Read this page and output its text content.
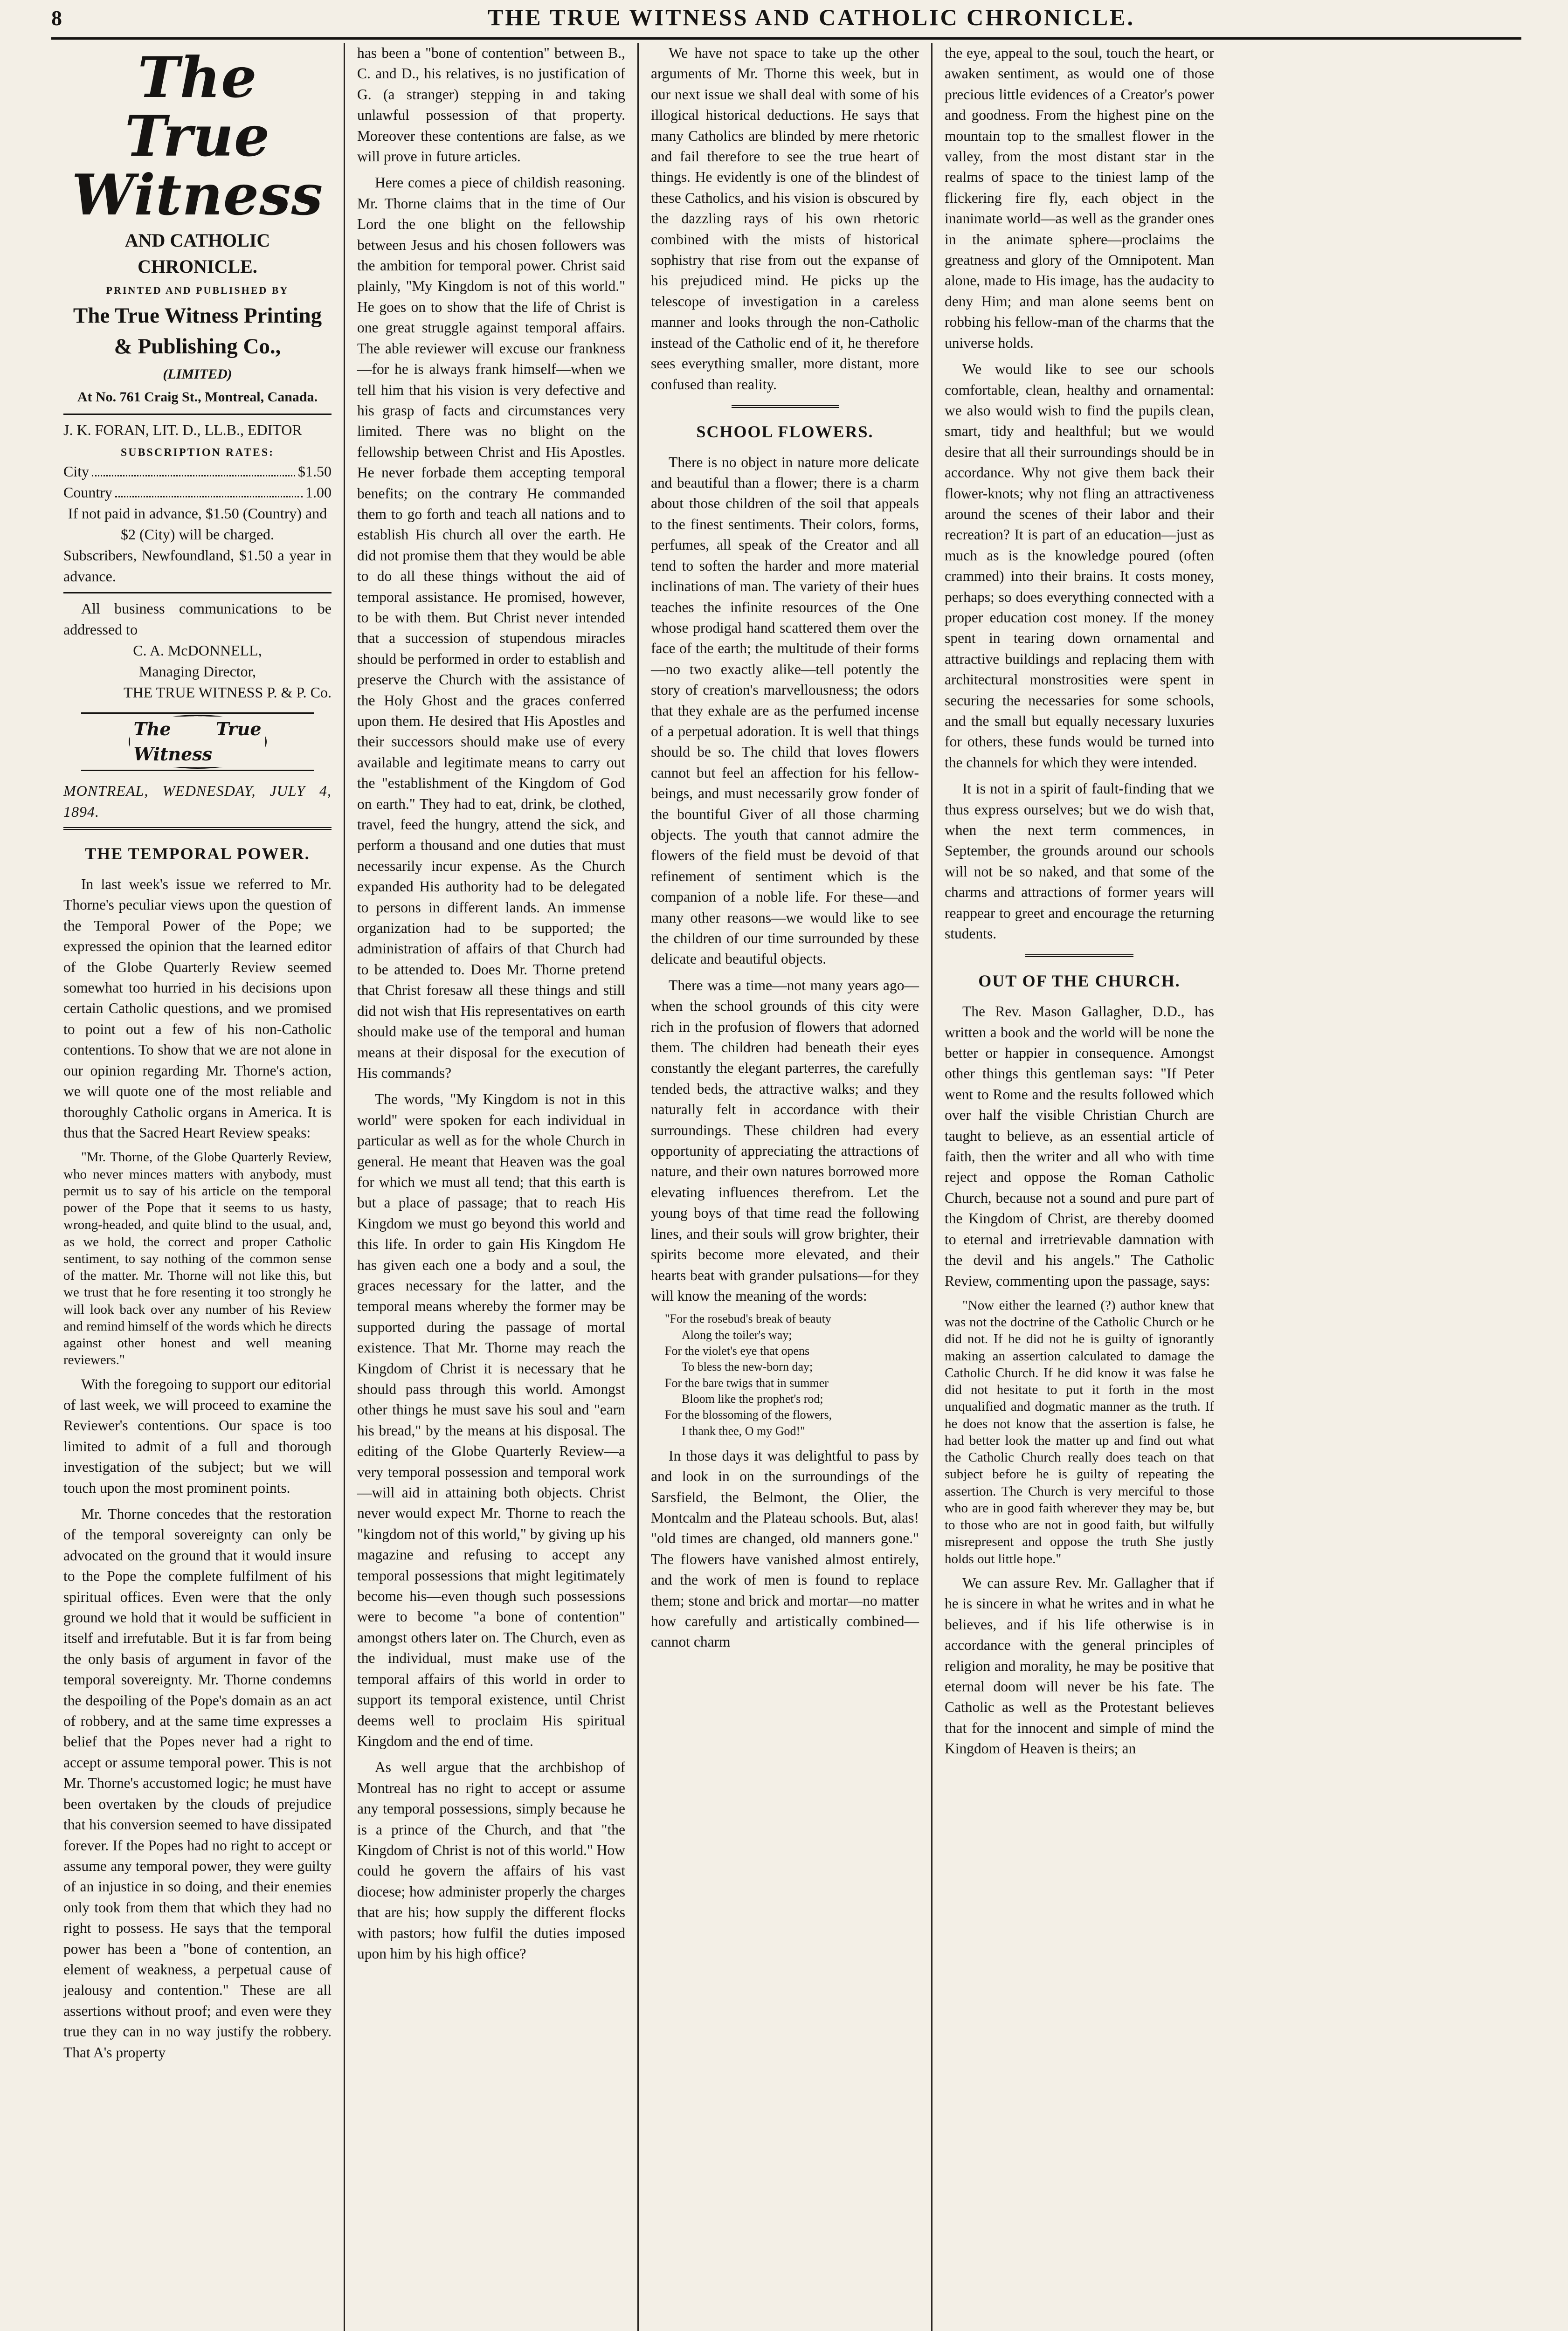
8	THE TRUE WITNESS AND CATHOLIC CHRONICLE.
The True Witness
AND CATHOLIC CHRONICLE.
PRINTED AND PUBLISHED BY
The True Witness Printing & Publishing Co.,
(LIMITED)
At No. 761 Craig St., Montreal, Canada.
J. K. FORAN, LIT. D., LL.B., EDITOR
SUBSCRIPTION RATES:
City	$1.50
Country	1.00
If not paid in advance, $1.50 (Country) and $2 (City) will be charged.
Subscribers, Newfoundland, $1.50 a year in advance.
All business communications to be addressed to
C. A. McDONNELL,
Managing Director,
THE TRUE WITNESS P. & P. Co.
The True Witness
MONTREAL, WEDNESDAY, JULY 4, 1894.
THE TEMPORAL POWER.

In last week's issue we referred to Mr. Thorne's peculiar views upon the question of the Temporal Power of the Pope; we expressed the opinion that the learned editor of the Globe Quarterly Review seemed somewhat too hurried in his decisions upon certain Catholic questions, and we promised to point out a few of his non-Catholic contentions. To show that we are not alone in our opinion regarding Mr. Thorne's action, we will quote one of the most reliable and thoroughly Catholic organs in America. It is thus that the Sacred Heart Review speaks:

"Mr. Thorne, of the Globe Quarterly Review, who never minces matters with anybody, must permit us to say of his article on the temporal power of the Pope that it seems to us hasty, wrong-headed, and quite blind to the usual, and, as we hold, the correct and proper Catholic sentiment, to say nothing of the common sense of the matter. Mr. Thorne will not like this, but we trust that he fore resenting it too strongly he will look back over any number of his Review and remind himself of the words which he directs against other honest and well meaning reviewers."

With the foregoing to support our editorial of last week, we will proceed to examine the Reviewer's contentions. Our space is too limited to admit of a full and thorough investigation of the subject; but we will touch upon the most prominent points.

Mr. Thorne concedes that the restoration of the temporal sovereignty can only be advocated on the ground that it would insure to the Pope the complete fulfilment of his spiritual offices. Even were that the only ground we hold that it would be sufficient in itself and irrefutable. But it is far from being the only basis of argument in favor of the temporal sovereignty. Mr. Thorne condemns the despoiling of the Pope's domain as an act of robbery, and at the same time expresses a belief that the Popes never had a right to accept or assume temporal power. This is not Mr. Thorne's accustomed logic; he must have been overtaken by the clouds of prejudice that his conversion seemed to have dissipated forever. If the Popes had no right to accept or assume any temporal power, they were guilty of an injustice in so doing, and their enemies only took from them that which they had no right to possess. He says that the temporal power has been a "bone of contention, an element of weakness, a perpetual cause of jealousy and contention." These are all assertions without proof; and even were they true they can in no way justify the robbery. That A's property

has been a "bone of contention" between B., C. and D., his relatives, is no justification of G. (a stranger) stepping in and taking unlawful possession of that property. Moreover these contentions are false, as we will prove in future articles.

Here comes a piece of childish reasoning. Mr. Thorne claims that in the time of Our Lord the one blight on the fellowship between Jesus and his chosen followers was the ambition for temporal power. Christ said plainly, "My Kingdom is not of this world." He goes on to show that the life of Christ is one great struggle against temporal affairs. The able reviewer will excuse our frankness—for he is always frank himself—when we tell him that his vision is very defective and his grasp of facts and circumstances very limited. There was no blight on the fellowship between Christ and His Apostles. He never forbade them accepting temporal benefits; on the contrary He commanded them to go forth and teach all nations and to establish His church all over the earth. He did not promise them that they would be able to do all these things without the aid of temporal assistance. He promised, however, to be with them. But Christ never intended that a succession of stupendous miracles should be performed in order to establish and preserve the Church with the assistance of the Holy Ghost and the graces conferred upon them. He desired that His Apostles and their successors should make use of every available and legitimate means to carry out the "establishment of the Kingdom of God on earth." They had to eat, drink, be clothed, travel, feed the hungry, attend the sick, and perform a thousand and one duties that must necessarily incur expense. As the Church expanded His authority had to be delegated to persons in different lands. An immense organization had to be supported; the administration of affairs of that Church had to be attended to. Does Mr. Thorne pretend that Christ foresaw all these things and still did not wish that His representatives on earth should make use of the temporal and human means at their disposal for the execution of His commands?

The words, "My Kingdom is not in this world" were spoken for each individual in particular as well as for the whole Church in general. He meant that Heaven was the goal for which we must all tend; that this earth is but a place of passage; that to reach His Kingdom we must go beyond this world and this life. In order to gain His Kingdom He has given each one a body and a soul, the graces necessary for the latter, and the temporal means whereby the former may be supported during the passage of mortal existence. That Mr. Thorne may reach the Kingdom of Christ it is necessary that he should pass through this world. Amongst other things he must save his soul and "earn his bread," by the means at his disposal. The editing of the Globe Quarterly Review—a very temporal possession and temporal work—will aid in attaining both objects. Christ never would expect Mr. Thorne to reach the "kingdom not of this world," by giving up his magazine and refusing to accept any temporal possessions that might legitimately become his—even though such possessions were to become "a bone of contention" amongst others later on. The Church, even as the individual, must make use of the temporal affairs of this world in order to support its temporal existence, until Christ deems well to proclaim His spiritual Kingdom and the end of time.

As well argue that the archbishop of Montreal has no right to accept or assume any temporal possessions, simply because he is a prince of the Church, and that "the Kingdom of Christ is not of this world." How could he govern the affairs of his vast diocese; how administer properly the charges that are his; how supply the different flocks with pastors; how fulfil the duties imposed upon him by his high office?

We have not space to take up the other arguments of Mr. Thorne this week, but in our next issue we shall deal with some of his illogical historical deductions. He says that many Catholics are blinded by mere rhetoric and fail therefore to see the true heart of things. He evidently is one of the blindest of these Catholics, and his vision is obscured by the dazzling rays of his own rhetoric combined with the mists of historical sophistry that rise from out the expanse of his prejudiced mind. He picks up the telescope of investigation in a careless manner and looks through the non-Catholic instead of the Catholic end of it, he therefore sees everything smaller, more distant, more confused than reality.

SCHOOL FLOWERS.

There is no object in nature more delicate and beautiful than a flower; there is a charm about those children of the soil that appeals to the finest sentiments. Their colors, forms, perfumes, all speak of the Creator and all tend to soften the harder and more material inclinations of man. The variety of their hues teaches the infinite resources of the One whose prodigal hand scattered them over the face of the earth; the multitude of their forms—no two exactly alike—tell potently the story of creation's marvellousness; the odors that they exhale are as the perfumed incense of a perpetual adoration. It is well that things should be so. The child that loves flowers cannot but feel an affection for his fellow-beings, and must necessarily grow fonder of the bountiful Giver of all those charming objects. The youth that cannot admire the flowers of the field must be devoid of that refinement of sentiment which is the companion of a noble life. For these—and many other reasons—we would like to see the children of our time surrounded by these delicate and beautiful objects.

There was a time—not many years ago—when the school grounds of this city were rich in the profusion of flowers that adorned them. The children had beneath their eyes constantly the elegant parterres, the carefully tended beds, the attractive walks; and they naturally felt in accordance with their surroundings. These children had every opportunity of appreciating the attractions of nature, and their own natures borrowed more elevating influences therefrom. Let the young boys of that time read the following lines, and their souls will grow brighter, their spirits become more elevated, and their hearts beat with grander pulsations—for they will know the meaning of the words:

"For the rosebud's break of beauty
Along the toiler's way;
For the violet's eye that opens
To bless the new-born day;
For the bare twigs that in summer
Bloom like the prophet's rod;
For the blossoming of the flowers,
I thank thee, O my God!"

In those days it was delightful to pass by and look in on the surroundings of the Sarsfield, the Belmont, the Olier, the Montcalm and the Plateau schools. But, alas! "old times are changed, old manners gone." The flowers have vanished almost entirely, and the work of men is found to replace them; stone and brick and mortar—no matter how carefully and artistically combined—cannot charm

the eye, appeal to the soul, touch the heart, or awaken sentiment, as would one of those precious little evidences of a Creator's power and goodness. From the highest pine on the mountain top to the smallest flower in the valley, from the most distant star in the realms of space to the tiniest lamp of the flickering fire fly, each object in the inanimate world—as well as the grander ones in the animate sphere—proclaims the greatness and glory of the Omnipotent. Man alone, made to His image, has the audacity to deny Him; and man alone seems bent on robbing his fellow-man of the charms that the universe holds.

We would like to see our schools comfortable, clean, healthy and ornamental: we also would wish to find the pupils clean, smart, tidy and healthful; but we would desire that all their surroundings should be in accordance. Why not give them back their flower-knots; why not fling an attractiveness around the scenes of their labor and their recreation? It is part of an education—just as much as is the knowledge poured (often crammed) into their brains. It costs money, perhaps; so does everything connected with a proper education cost money. If the money spent in tearing down ornamental and attractive buildings and replacing them with architectural monstrosities were spent in securing the necessaries for some schools, and the small but equally necessary luxuries for others, these funds would be turned into the channels for which they were intended.

It is not in a spirit of fault-finding that we thus express ourselves; but we do wish that, when the next term commences, in September, the grounds around our schools will not be so naked, and that some of the charms and attractions of former years will reappear to greet and encourage the returning students.

OUT OF THE CHURCH.

The Rev. Mason Gallagher, D.D., has written a book and the world will be none the better or happier in consequence. Amongst other things this gentleman says: "If Peter went to Rome and the results followed which over half the visible Christian Church are taught to believe, as an essential article of faith, then the writer and all who with time reject and oppose the Roman Catholic Church, because not a sound and pure part of the Kingdom of Christ, are thereby doomed to eternal and irretrievable damnation with the devil and his angels." The Catholic Review, commenting upon the passage, says:

"Now either the learned (?) author knew that was not the doctrine of the Catholic Church or he did not. If he did not he is guilty of ignorantly making an assertion calculated to damage the Catholic Church. If he did know it was false he did not hesitate to put it forth in the most unqualified and dogmatic manner as the truth. If he does not know that the assertion is false, he had better look the matter up and find out what the Catholic Church really does teach on that subject before he is guilty of repeating the assertion. The Church is very merciful to those who are in good faith wherever they may be, but to those who are not in good faith, but wilfully misrepresent and oppose the truth She justly holds out little hope."

We can assure Rev. Mr. Gallagher that if he is sincere in what he writes and in what he believes, and if his life otherwise is in accordance with the general principles of religion and morality, he may be positive that eternal doom will never be his fate. The Catholic as well as the Protestant believes that for the innocent and simple of mind the Kingdom of Heaven is theirs; an
